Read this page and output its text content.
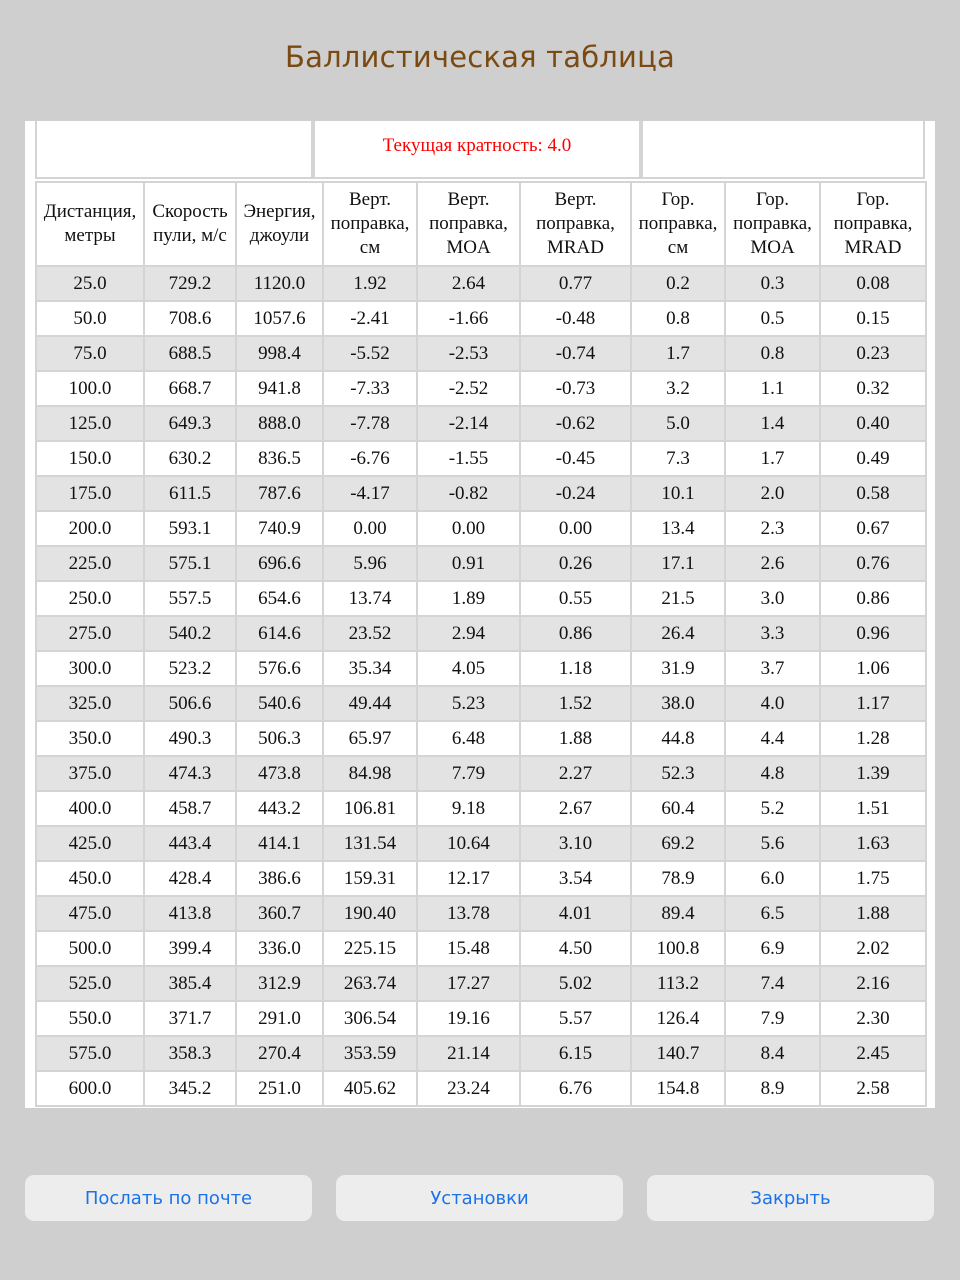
Баллистическая таблица
	Текущая кратность: 4.0	
Дистанция,
метры	Скорость
пули, м/с	Энергия,
джоули	Верт.
поправка,
см	Верт.
поправка,
MOA	Верт.
поправка,
MRAD	Гор.
поправка,
см	Гор.
поправка,
MOA	Гор.
поправка,
MRAD
25.0	729.2	1120.0	1.92	2.64	0.77	0.2	0.3	0.08
50.0	708.6	1057.6	-2.41	-1.66	-0.48	0.8	0.5	0.15
75.0	688.5	998.4	-5.52	-2.53	-0.74	1.7	0.8	0.23
100.0	668.7	941.8	-7.33	-2.52	-0.73	3.2	1.1	0.32
125.0	649.3	888.0	-7.78	-2.14	-0.62	5.0	1.4	0.40
150.0	630.2	836.5	-6.76	-1.55	-0.45	7.3	1.7	0.49
175.0	611.5	787.6	-4.17	-0.82	-0.24	10.1	2.0	0.58
200.0	593.1	740.9	0.00	0.00	0.00	13.4	2.3	0.67
225.0	575.1	696.6	5.96	0.91	0.26	17.1	2.6	0.76
250.0	557.5	654.6	13.74	1.89	0.55	21.5	3.0	0.86
275.0	540.2	614.6	23.52	2.94	0.86	26.4	3.3	0.96
300.0	523.2	576.6	35.34	4.05	1.18	31.9	3.7	1.06
325.0	506.6	540.6	49.44	5.23	1.52	38.0	4.0	1.17
350.0	490.3	506.3	65.97	6.48	1.88	44.8	4.4	1.28
375.0	474.3	473.8	84.98	7.79	2.27	52.3	4.8	1.39
400.0	458.7	443.2	106.81	9.18	2.67	60.4	5.2	1.51
425.0	443.4	414.1	131.54	10.64	3.10	69.2	5.6	1.63
450.0	428.4	386.6	159.31	12.17	3.54	78.9	6.0	1.75
475.0	413.8	360.7	190.40	13.78	4.01	89.4	6.5	1.88
500.0	399.4	336.0	225.15	15.48	4.50	100.8	6.9	2.02
525.0	385.4	312.9	263.74	17.27	5.02	113.2	7.4	2.16
550.0	371.7	291.0	306.54	19.16	5.57	126.4	7.9	2.30
575.0	358.3	270.4	353.59	21.14	6.15	140.7	8.4	2.45
600.0	345.2	251.0	405.62	23.24	6.76	154.8	8.9	2.58
Послать по почте	Установки	Закрыть
